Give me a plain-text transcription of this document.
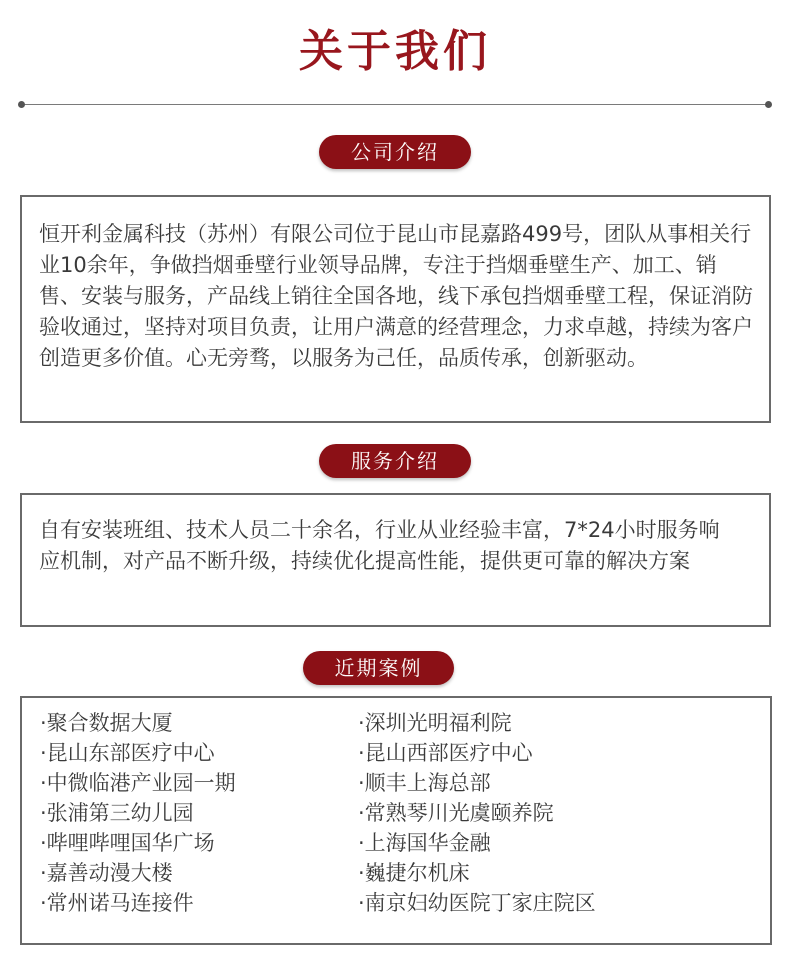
关于我们
公司介绍

恒开利金属科技（苏州）有限公司位于昆山市昆嘉路499号，团队从事相关行业10余年，争做挡烟垂壁行业领导品牌，专注于挡烟垂壁生产、加工、销售、安装与服务，产品线上销往全国各地，线下承包挡烟垂壁工程，保证消防验收通过，坚持对项目负责，让用户满意的经营理念，力求卓越，持续为客户创造更多价值。心无旁骛，以服务为己任，品质传承，创新驱动。

服务介绍

自有安装班组、技术人员二十余名，行业从业经验丰富，7*24小时服务响应机制，对产品不断升级，持续优化提高性能，提供更可靠的解决方案

近期案例
·聚合数据大厦
·昆山东部医疗中心
·中微临港产业园一期
·张浦第三幼儿园
·哔哩哔哩国华广场
·嘉善动漫大楼
·常州诺马连接件
·深圳光明福利院
·昆山西部医疗中心
·顺丰上海总部
·常熟琴川光虞颐养院
·上海国华金融
·巍捷尔机床
·南京妇幼医院丁家庄院区
